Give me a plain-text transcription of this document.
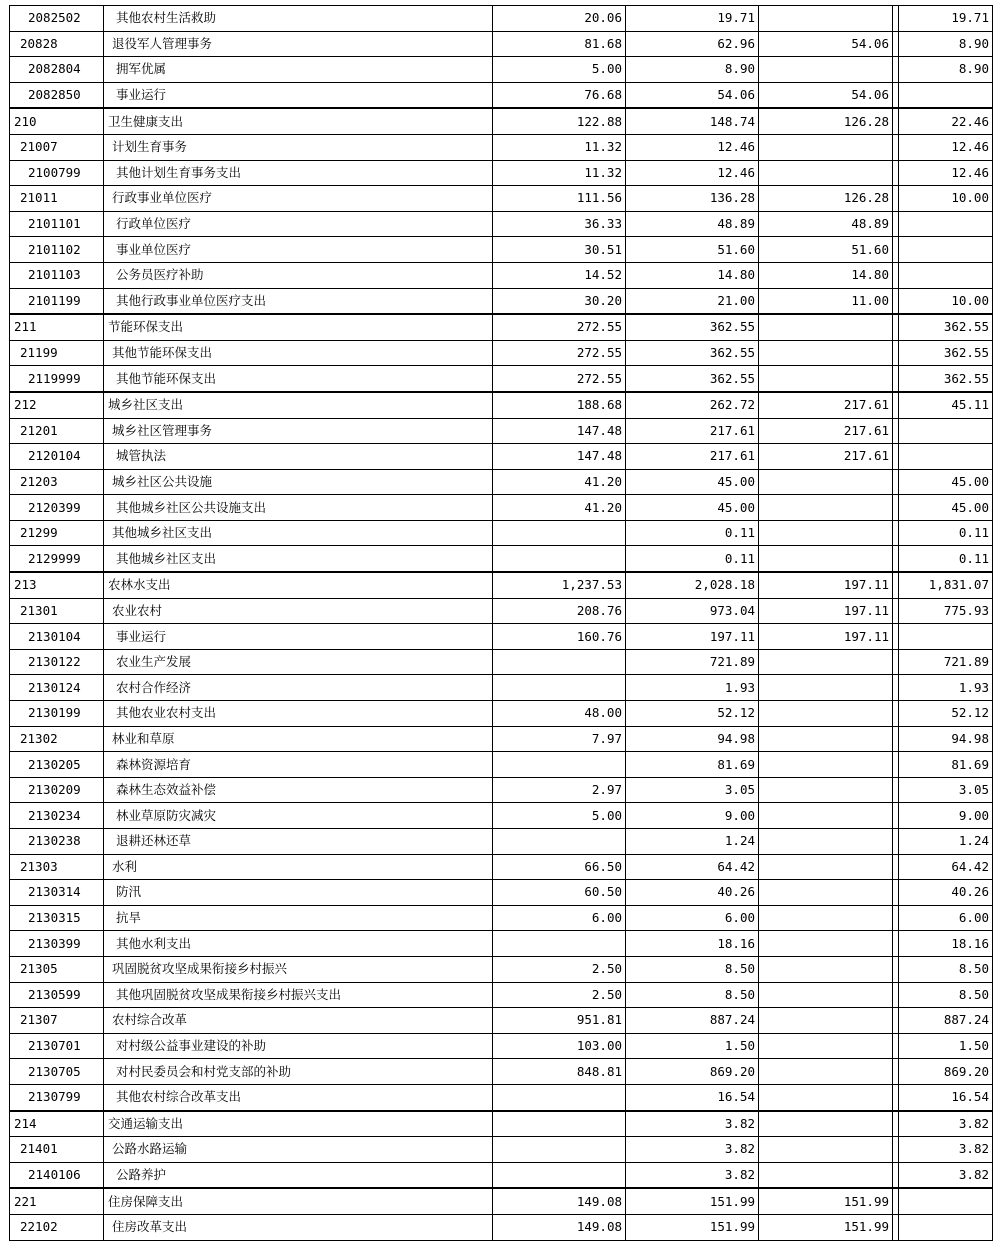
2082502	其他农村生活救助	20.06	19.71			19.71
20828	退役军人管理事务	81.68	62.96	54.06		8.90
2082804	拥军优属	5.00	8.90			8.90
2082850	事业运行	76.68	54.06	54.06		
210	卫生健康支出	122.88	148.74	126.28		22.46
21007	计划生育事务	11.32	12.46			12.46
2100799	其他计划生育事务支出	11.32	12.46			12.46
21011	行政事业单位医疗	111.56	136.28	126.28		10.00
2101101	行政单位医疗	36.33	48.89	48.89		
2101102	事业单位医疗	30.51	51.60	51.60		
2101103	公务员医疗补助	14.52	14.80	14.80		
2101199	其他行政事业单位医疗支出	30.20	21.00	11.00		10.00
211	节能环保支出	272.55	362.55			362.55
21199	其他节能环保支出	272.55	362.55			362.55
2119999	其他节能环保支出	272.55	362.55			362.55
212	城乡社区支出	188.68	262.72	217.61		45.11
21201	城乡社区管理事务	147.48	217.61	217.61		
2120104	城管执法	147.48	217.61	217.61		
21203	城乡社区公共设施	41.20	45.00			45.00
2120399	其他城乡社区公共设施支出	41.20	45.00			45.00
21299	其他城乡社区支出		0.11			0.11
2129999	其他城乡社区支出		0.11			0.11
213	农林水支出	1,237.53	2,028.18	197.11		1,831.07
21301	农业农村	208.76	973.04	197.11		775.93
2130104	事业运行	160.76	197.11	197.11		
2130122	农业生产发展		721.89			721.89
2130124	农村合作经济		1.93			1.93
2130199	其他农业农村支出	48.00	52.12			52.12
21302	林业和草原	7.97	94.98			94.98
2130205	森林资源培育		81.69			81.69
2130209	森林生态效益补偿	2.97	3.05			3.05
2130234	林业草原防灾减灾	5.00	9.00			9.00
2130238	退耕还林还草		1.24			1.24
21303	水利	66.50	64.42			64.42
2130314	防汛	60.50	40.26			40.26
2130315	抗旱	6.00	6.00			6.00
2130399	其他水利支出		18.16			18.16
21305	巩固脱贫攻坚成果衔接乡村振兴	2.50	8.50			8.50
2130599	其他巩固脱贫攻坚成果衔接乡村振兴支出	2.50	8.50			8.50
21307	农村综合改革	951.81	887.24			887.24
2130701	对村级公益事业建设的补助	103.00	1.50			1.50
2130705	对村民委员会和村党支部的补助	848.81	869.20			869.20
2130799	其他农村综合改革支出		16.54			16.54
214	交通运输支出		3.82			3.82
21401	公路水路运输		3.82			3.82
2140106	公路养护		3.82			3.82
221	住房保障支出	149.08	151.99	151.99		
22102	住房改革支出	149.08	151.99	151.99		
